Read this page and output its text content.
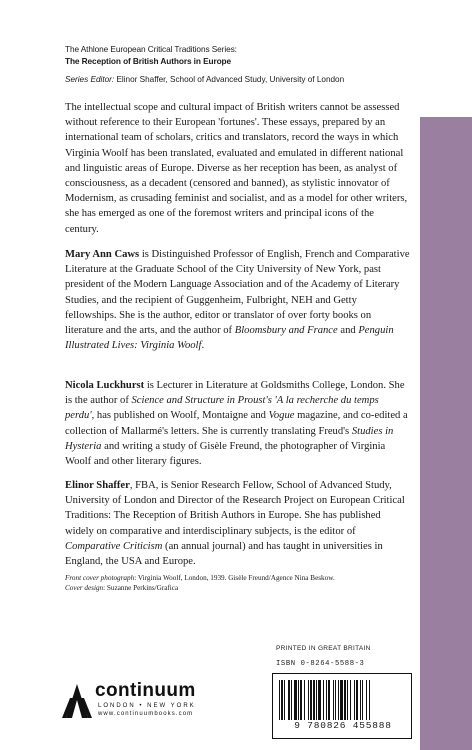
The Athlone European Critical Traditions Series:
The Reception of British Authors in Europe
Series Editor: Elinor Shaffer, School of Advanced Study, University of London

The intellectual scope and cultural impact of British writers cannot be assessed without reference to their European 'fortunes'. These essays, prepared by an international team of scholars, critics and translators, record the ways in which Virginia Woolf has been translated, evaluated and emulated in different national and linguistic areas of Europe. Diverse as her reception has been, as analyst of consciousness, as a decadent (censored and banned), as stylistic innovator of Modernism, as crusading feminist and socialist, and as a model for other writers, she has emerged as one of the foremost writers and principal icons of the century.

Mary Ann Caws is Distinguished Professor of English, French and Comparative Literature at the Graduate School of the City University of New York, past president of the Modern Language Association and of the Academy of Literary Studies, and the recipient of Guggenheim, Fulbright, NEH and Getty fellowships. She is the author, editor or translator of over forty books on literature and the arts, and the author of Bloomsbury and France and Penguin Illustrated Lives: Virginia Woolf.

Nicola Luckhurst is Lecturer in Literature at Goldsmiths College, London. She is the author of Science and Structure in Proust's 'A la recherche du temps perdu', has published on Woolf, Montaigne and Vogue magazine, and co-edited a collection of Mallarmé's letters. She is currently translating Freud's Studies in Hysteria and writing a study of Gisèle Freund, the photographer of Virginia Woolf and other literary figures.

Elinor Shaffer, FBA, is Senior Research Fellow, School of Advanced Study, University of London and Director of the Research Project on European Critical Traditions: The Reception of British Authors in Europe. She has published widely on comparative and interdisciplinary subjects, is the editor of Comparative Criticism (an annual journal) and has taught in universities in England, the USA and Europe.

Front cover photograph: Virginia Woolf, London, 1939. Gisèle Freund/Agence Nina Beskow.
Cover design: Suzanne Perkins/Grafica
continuum
LONDON • NEW YORK
www.continuumbooks.com
PRINTED IN GREAT BRITAIN
ISBN 0-8264-5588-3
9 780826 455888
